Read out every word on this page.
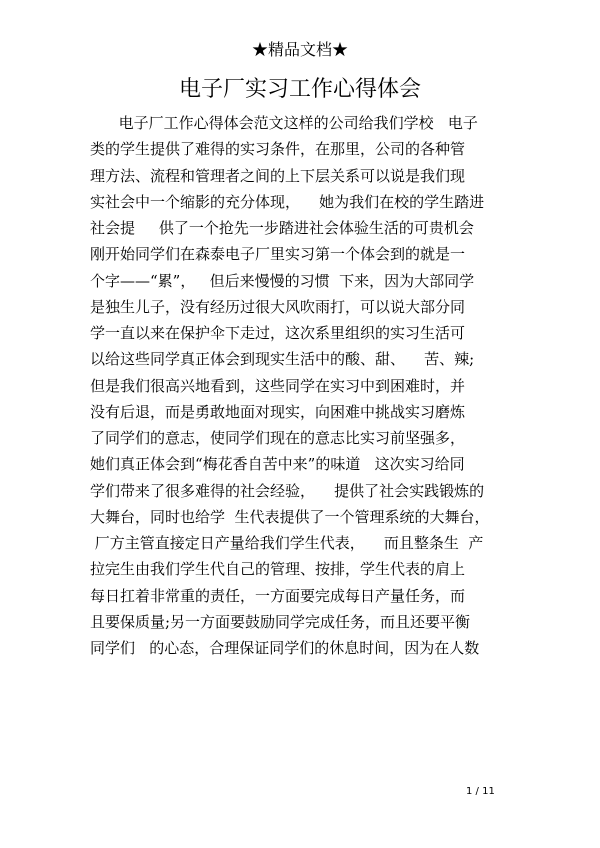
★精品文档★
电子厂实习工作心得体会
电子厂工作心得体会范文这样的公司给我们学校   电子
类的学生提供了难得的实习条件，在那里，公司的各种管
理方法、流程和管理者之间的上下层关系可以说是我们现
实社会中一个缩影的充分体现，    她为我们在校的学生踏进
社会提     供了一个抢先一步踏进社会体验生活的可贵机会
刚开始同学们在森泰电子厂里实习第一个体会到的就是一
个字——“累”，   但后来慢慢的习惯  下来，因为大部同学
是独生儿子，没有经历过很大风吹雨打，可以说大部分同
学一直以来在保护伞下走过，这次系里组织的实习生活可
以给这些同学真正体会到现实生活中的酸、甜、    苦、辣;
但是我们很高兴地看到，这些同学在实习中到困难时，并
没有后退，而是勇敢地面对现实，向困难中挑战实习磨炼
了同学们的意志，使同学们现在的意志比实习前坚强多，
她们真正体会到“梅花香自苦中来”的味道   这次实习给同
学们带来了很多难得的社会经验，    提供了社会实践锻炼的
大舞台，同时也给学  生代表提供了一个管理系统的大舞台，
厂方主管直接定日产量给我们学生代表，    而且整条生  产
拉完生由我们学生代自己的管理、按排，学生代表的肩上
每日扛着非常重的责任，一方面要完成每日产量任务，而
且要保质量;另一方面要鼓励同学完成任务，而且还要平衡
同学们   的心态，合理保证同学们的休息时间，因为在人数
1 / 11
